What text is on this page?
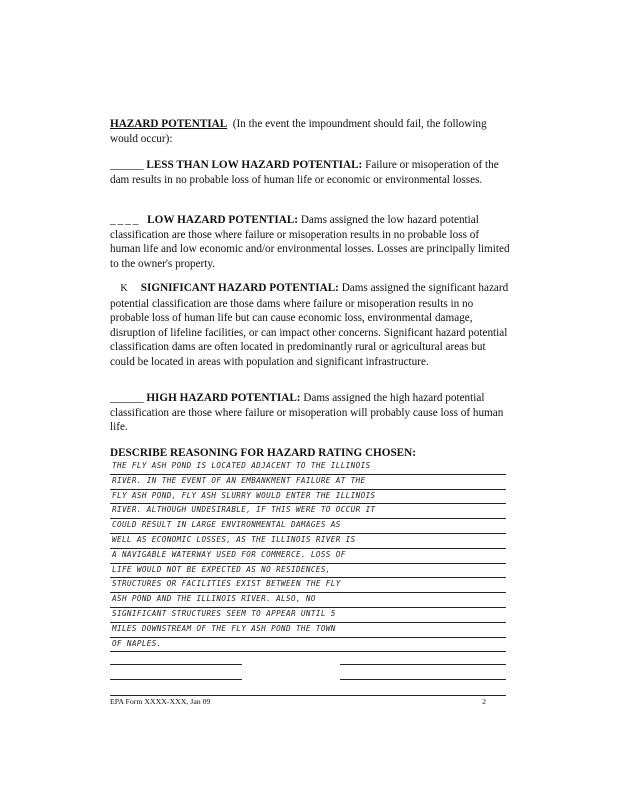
HAZARD POTENTIAL (In the event the impoundment should fail, the following would occur):
______ LESS THAN LOW HAZARD POTENTIAL: Failure or misoperation of the dam results in no probable loss of human life or economic or environmental losses.
____ LOW HAZARD POTENTIAL: Dams assigned the low hazard potential classification are those where failure or misoperation results in no probable loss of human life and low economic and/or environmental losses. Losses are principally limited to the owner's property.
K SIGNIFICANT HAZARD POTENTIAL: Dams assigned the significant hazard potential classification are those dams where failure or misoperation results in no probable loss of human life but can cause economic loss, environmental damage, disruption of lifeline facilities, or can impact other concerns. Significant hazard potential classification dams are often located in predominantly rural or agricultural areas but could be located in areas with population and significant infrastructure.
______ HIGH HAZARD POTENTIAL: Dams assigned the high hazard potential classification are those where failure or misoperation will probably cause loss of human life.
DESCRIBE REASONING FOR HAZARD RATING CHOSEN:
THE FLY ASH POND IS LOCATED ADJACENT TO THE ILLINOIS
RIVER. IN THE EVENT OF AN EMBANKMENT FAILURE AT THE
FLY ASH POND, FLY ASH SLURRY WOULD ENTER THE ILLINOIS
RIVER. ALTHOUGH UNDESIRABLE, IF THIS WERE TO OCCUR IT
COULD RESULT IN LARGE ENVIRONMENTAL DAMAGES AS
WELL AS ECONOMIC LOSSES, AS THE ILLINOIS RIVER IS
A NAVIGABLE WATERWAY USED FOR COMMERCE. LOSS OF
LIFE WOULD NOT BE EXPECTED AS NO RESIDENCES,
STRUCTURES OR FACILITIES EXIST BETWEEN THE FLY
ASH POND AND THE ILLINOIS RIVER. ALSO, NO
SIGNIFICANT STRUCTURES SEEM TO APPEAR UNTIL 5
MILES DOWNSTREAM OF THE FLY ASH POND THE TOWN
OF NAPLES.
EPA Form XXXX-XXX, Jan 09	2
